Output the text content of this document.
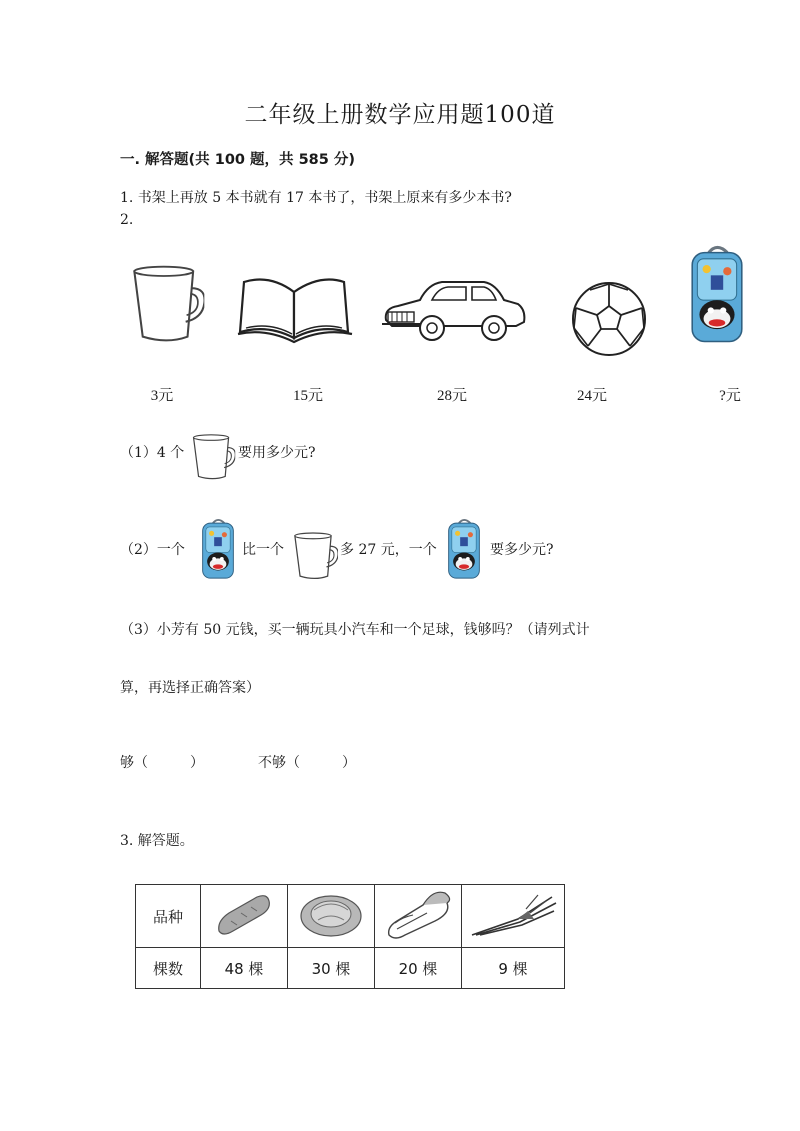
二年级上册数学应用题100道
一. 解答题(共 100 题，共 585 分)
1. 书架上再放 5 本书就有 17 本书了，书架上原来有多少本书?
2.
3元	15元	28元	24元	?元
（1）4 个	要用多少元?
（2）一个	比一个	多 27 元，一个	要多少元?
（3）小芳有 50 元钱，买一辆玩具小汽车和一个足球，钱够吗？（请列式计
算，再选择正确答案）
够（　　　）	不够（　　　）
3. 解答题。
品种				
棵数	48 棵	30 棵	20 棵	9 棵
